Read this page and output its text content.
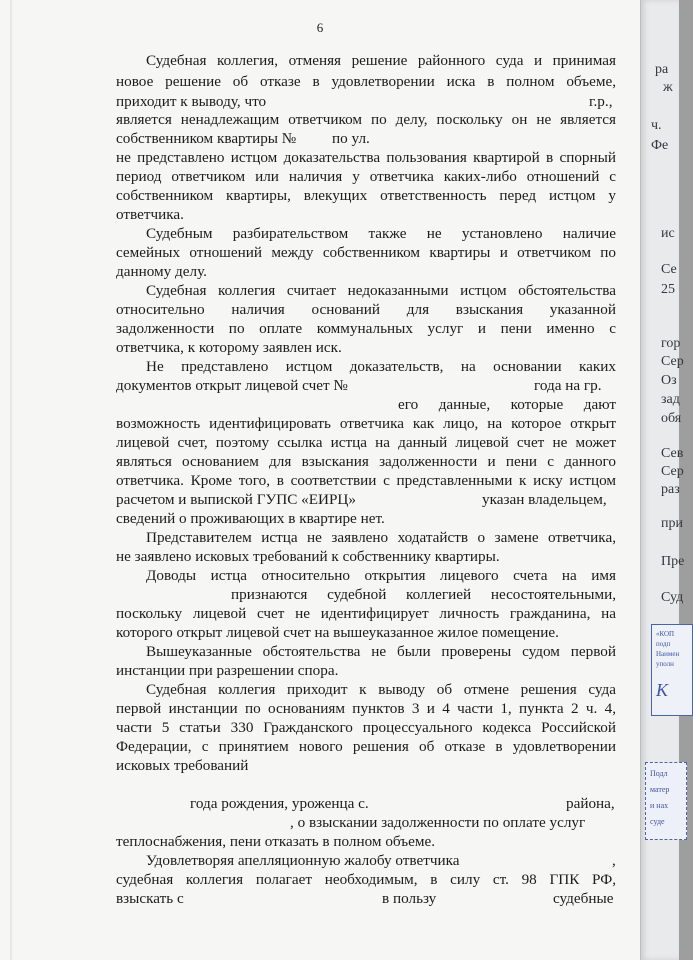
6
Судебная коллегия, отменяя решение районного суда и принимая
новое решение об отказе в удовлетворении иска в полном объеме,
приходит к выводу, что	г.р.,
является ненадлежащим ответчиком по делу, поскольку он не является
собственником квартиры № по ул.
не представлено истцом доказательства пользования квартирой в спорный
период ответчиком или наличия у ответчика каких-либо отношений с
собственником квартиры, влекущих ответственность перед истцом у
ответчика.
Судебным разбирательством также не установлено наличие
семейных отношений между собственником квартиры и ответчиком по
данному делу.
Судебная коллегия считает недоказанными истцом обстоятельства
относительно наличия оснований для взыскания указанной
задолженности по оплате коммунальных услуг и пени именно с
ответчика, к которому заявлен иск.
Не представлено истцом доказательств, на основании каких
документов открыт лицевой счет №	года на гр.
его данные, которые дают
возможность идентифицировать ответчика как лицо, на которое открыт
лицевой счет, поэтому ссылка истца на данный лицевой счет не может
являться основанием для взыскания задолженности и пени с данного
ответчика. Кроме того, в соответствии с представленными к иску истцом
расчетом и выпиской ГУПС «ЕИРЦ»	указан владельцем,
сведений о проживающих в квартире нет.
Представителем истца не заявлено ходатайств о замене ответчика,
не заявлено исковых требований к собственнику квартиры.
Доводы истца относительно открытия лицевого счета на имя
признаются судебной коллегией несостоятельными,
поскольку лицевой счет не идентифицирует личность гражданина, на
которого открыт лицевой счет на вышеуказанное жилое помещение.
Вышеуказанные обстоятельства не были проверены судом первой
инстанции при разрешении спора.
Судебная коллегия приходит к выводу об отмене решения суда
первой инстанции по основаниям пунктов 3 и 4 части 1, пункта 2 ч. 4,
части 5 статьи 330 Гражданского процессуального кодекса Российской
Федерации, с принятием нового решения об отказе в удовлетворении
исковых требований
года рождения, уроженца с.	района,
, о взыскании задолженности по оплате услуг
теплоснабжения, пени отказать в полном объеме.
Удовлетворяя апелляционную жалобу ответчика	,
судебная коллегия полагает необходимым, в силу ст. 98 ГПК РФ,
взыскать с	в пользу	судебные
ра
ж
ч.
Фе
ис
Се
25
гор
Сер
Оз
зад
обя
Сев
Сер
раз
при
Пре
Суд
«КОП
подп
Наимен
уполн
К
Подл
матер
и нах
суде
